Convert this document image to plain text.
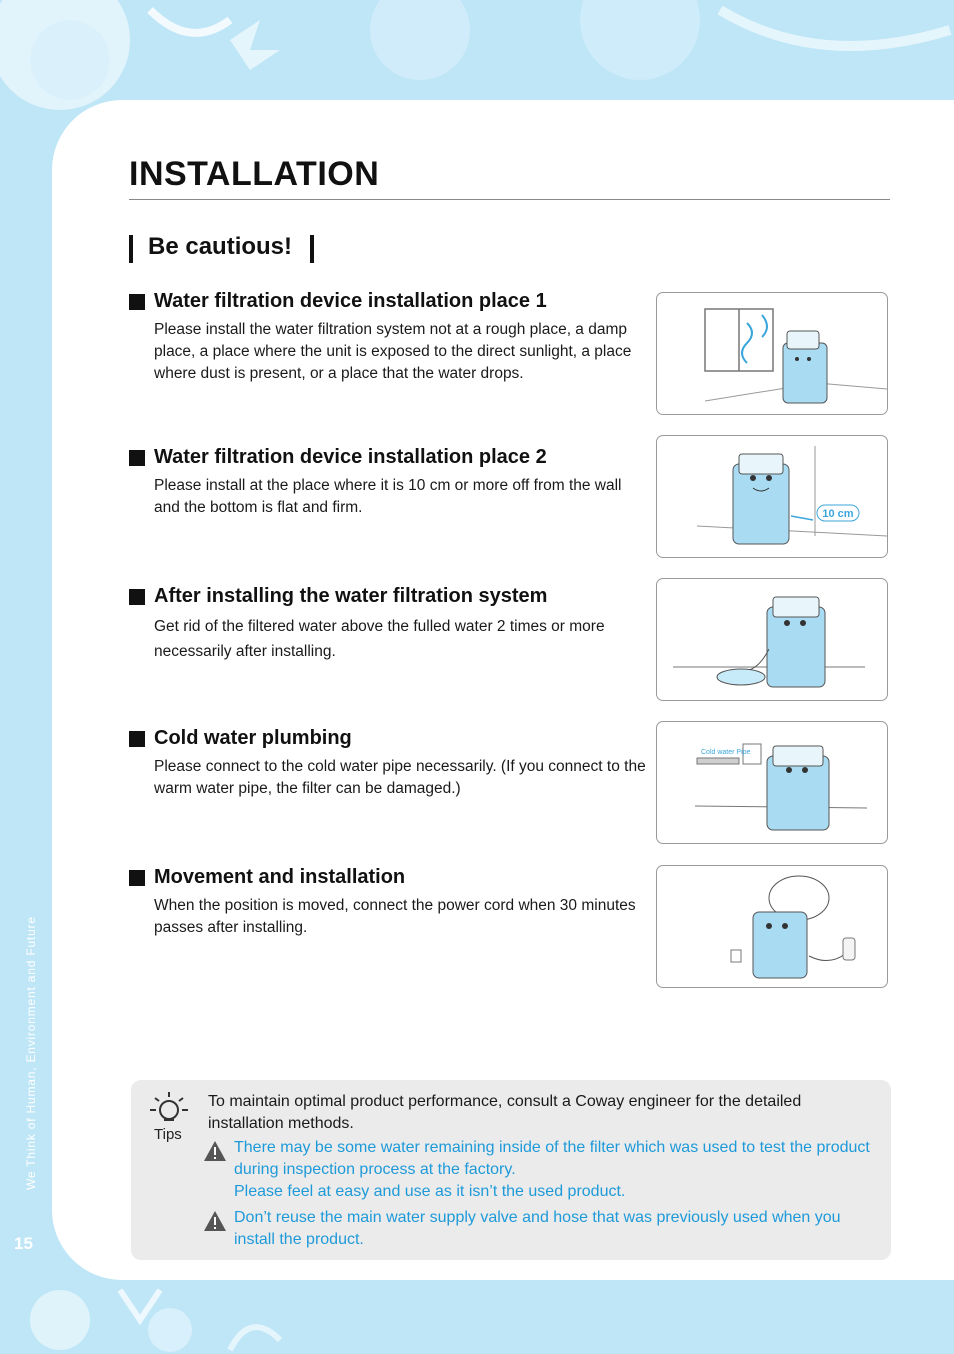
We Think of Human, Environment and Future
15
INSTALLATION
Be cautious!
Water filtration device installation place 1
Please install the water filtration system not at a rough place, a damp place, a place where the unit is exposed to the direct sunlight, a place where dust is present, or a place that the water drops.
Water filtration device installation place 2
Please install at the place where it is 10 cm or more off from the wall and the bottom is flat and firm.	10 cm
After installing the water filtration system
Get rid of the filtered water above the fulled water 2 times or more necessarily after installing.
Cold water plumbing
Please connect to the cold water pipe necessarily. (If you connect to the warm water pipe, the filter can be damaged.)
Cold water Pipe
Movement and installation
When the position is moved, connect the power cord when 30 minutes passes after installing.
Tips
To maintain optimal product performance, consult a Coway engineer for the detailed installation methods.
There may be some water remaining inside of the filter which was used to test the product during inspection process at the factory.
Please feel at easy and use as it isn’t the used product.
Don’t reuse the main water supply valve and hose that was previously used when you install the product.
